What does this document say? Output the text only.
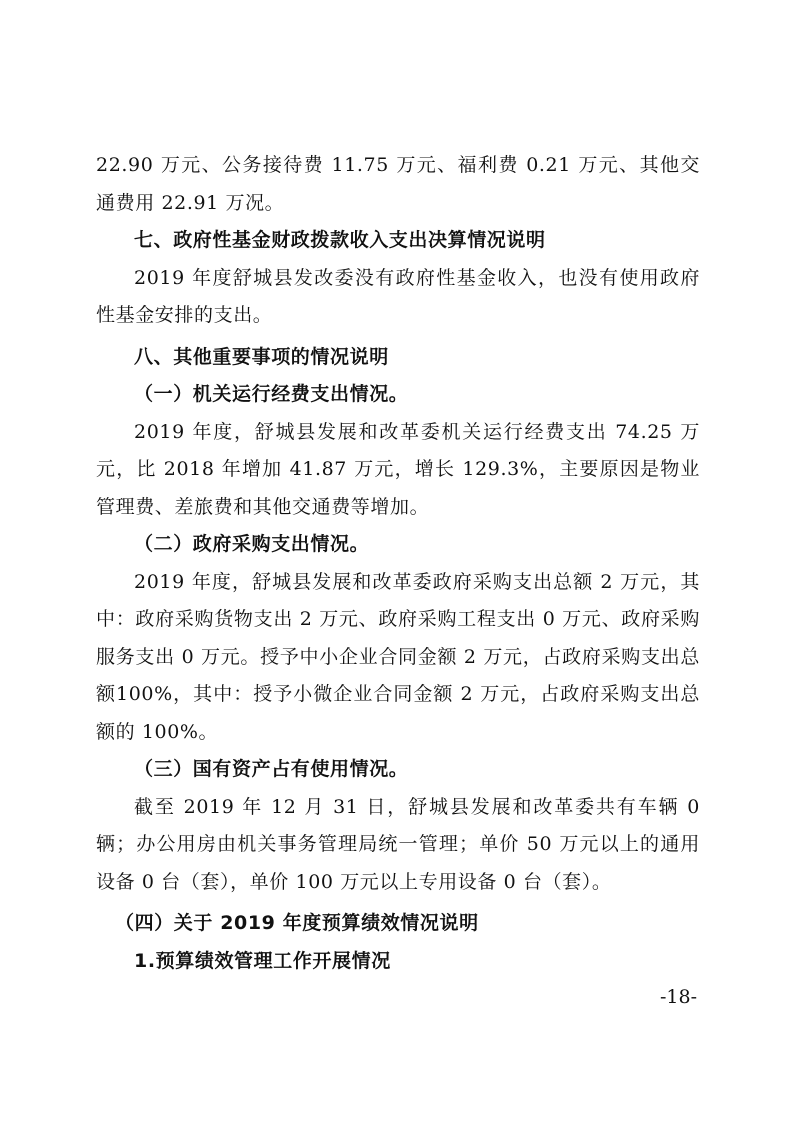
22.90 万元、公务接待费 11.75 万元、福利费 0.21 万元、其他交通费用 22.91 万况。

七、政府性基金财政拨款收入支出决算情况说明

2019 年度舒城县发改委没有政府性基金收入，也没有使用政府性基金安排的支出。

八、其他重要事项的情况说明

（一）机关运行经费支出情况。

2019 年度，舒城县发展和改革委机关运行经费支出 74.25 万元，比 2018 年增加 41.87 万元，增长 129.3%，主要原因是物业管理费、差旅费和其他交通费等增加。

（二）政府采购支出情况。

2019 年度，舒城县发展和改革委政府采购支出总额 2 万元，其中：政府采购货物支出 2 万元、政府采购工程支出 0 万元、政府采购服务支出 0 万元。授予中小企业合同金额 2 万元，占政府采购支出总额100%，其中：授予小微企业合同金额 2 万元，占政府采购支出总额的 100%。

（三）国有资产占有使用情况。

截至 2019 年 12 月 31 日，舒城县发展和改革委共有车辆 0 辆；办公用房由机关事务管理局统一管理；单价 50 万元以上的通用设备 0 台（套），单价 100 万元以上专用设备 0 台（套）。

（四）关于 2019 年度预算绩效情况说明

1.预算绩效管理工作开展情况

-18-
